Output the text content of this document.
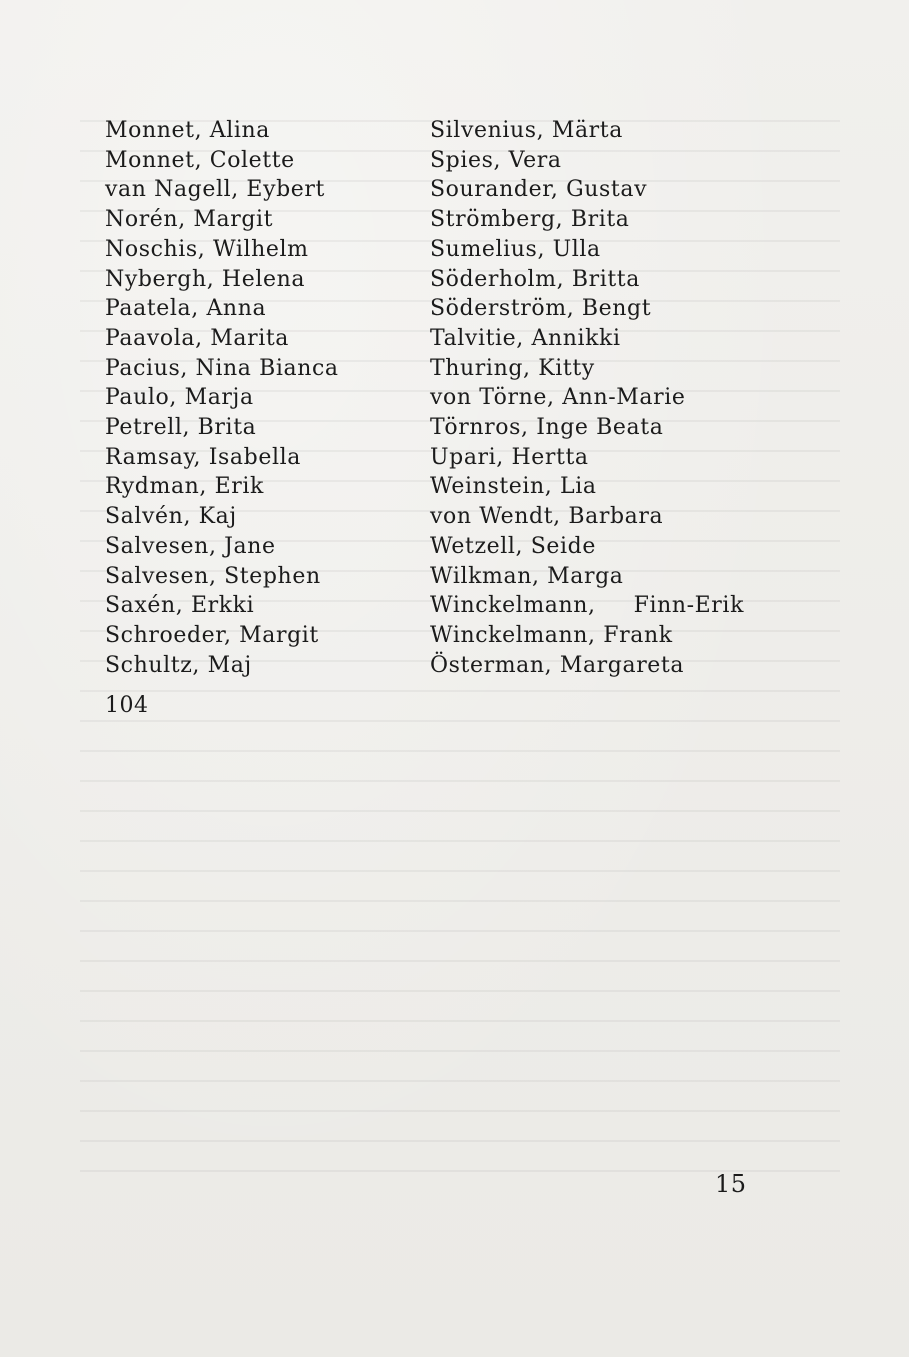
Monnet, Alina
Monnet, Colette
van Nagell, Eybert
Norén, Margit
Noschis, Wilhelm
Nybergh, Helena
Paatela, Anna
Paavola, Marita
Pacius, Nina Bianca
Paulo, Marja
Petrell, Brita
Ramsay, Isabella
Rydman, Erik
Salvén, Kaj
Salvesen, Jane
Salvesen, Stephen
Saxén, Erkki
Schroeder, Margit
Schultz, Maj
Silvenius, Märta
Spies, Vera
Sourander, Gustav
Strömberg, Brita
Sumelius, Ulla
Söderholm, Britta
Söderström, Bengt
Talvitie, Annikki
Thuring, Kitty
von Törne, Ann-Marie
Törnros, Inge Beata
Upari, Hertta
Weinstein, Lia
von Wendt, Barbara
Wetzell, Seide
Wilkman, Marga
Winckelmann, Finn-Erik
Winckelmann, Frank
Österman, Margareta
104
15
